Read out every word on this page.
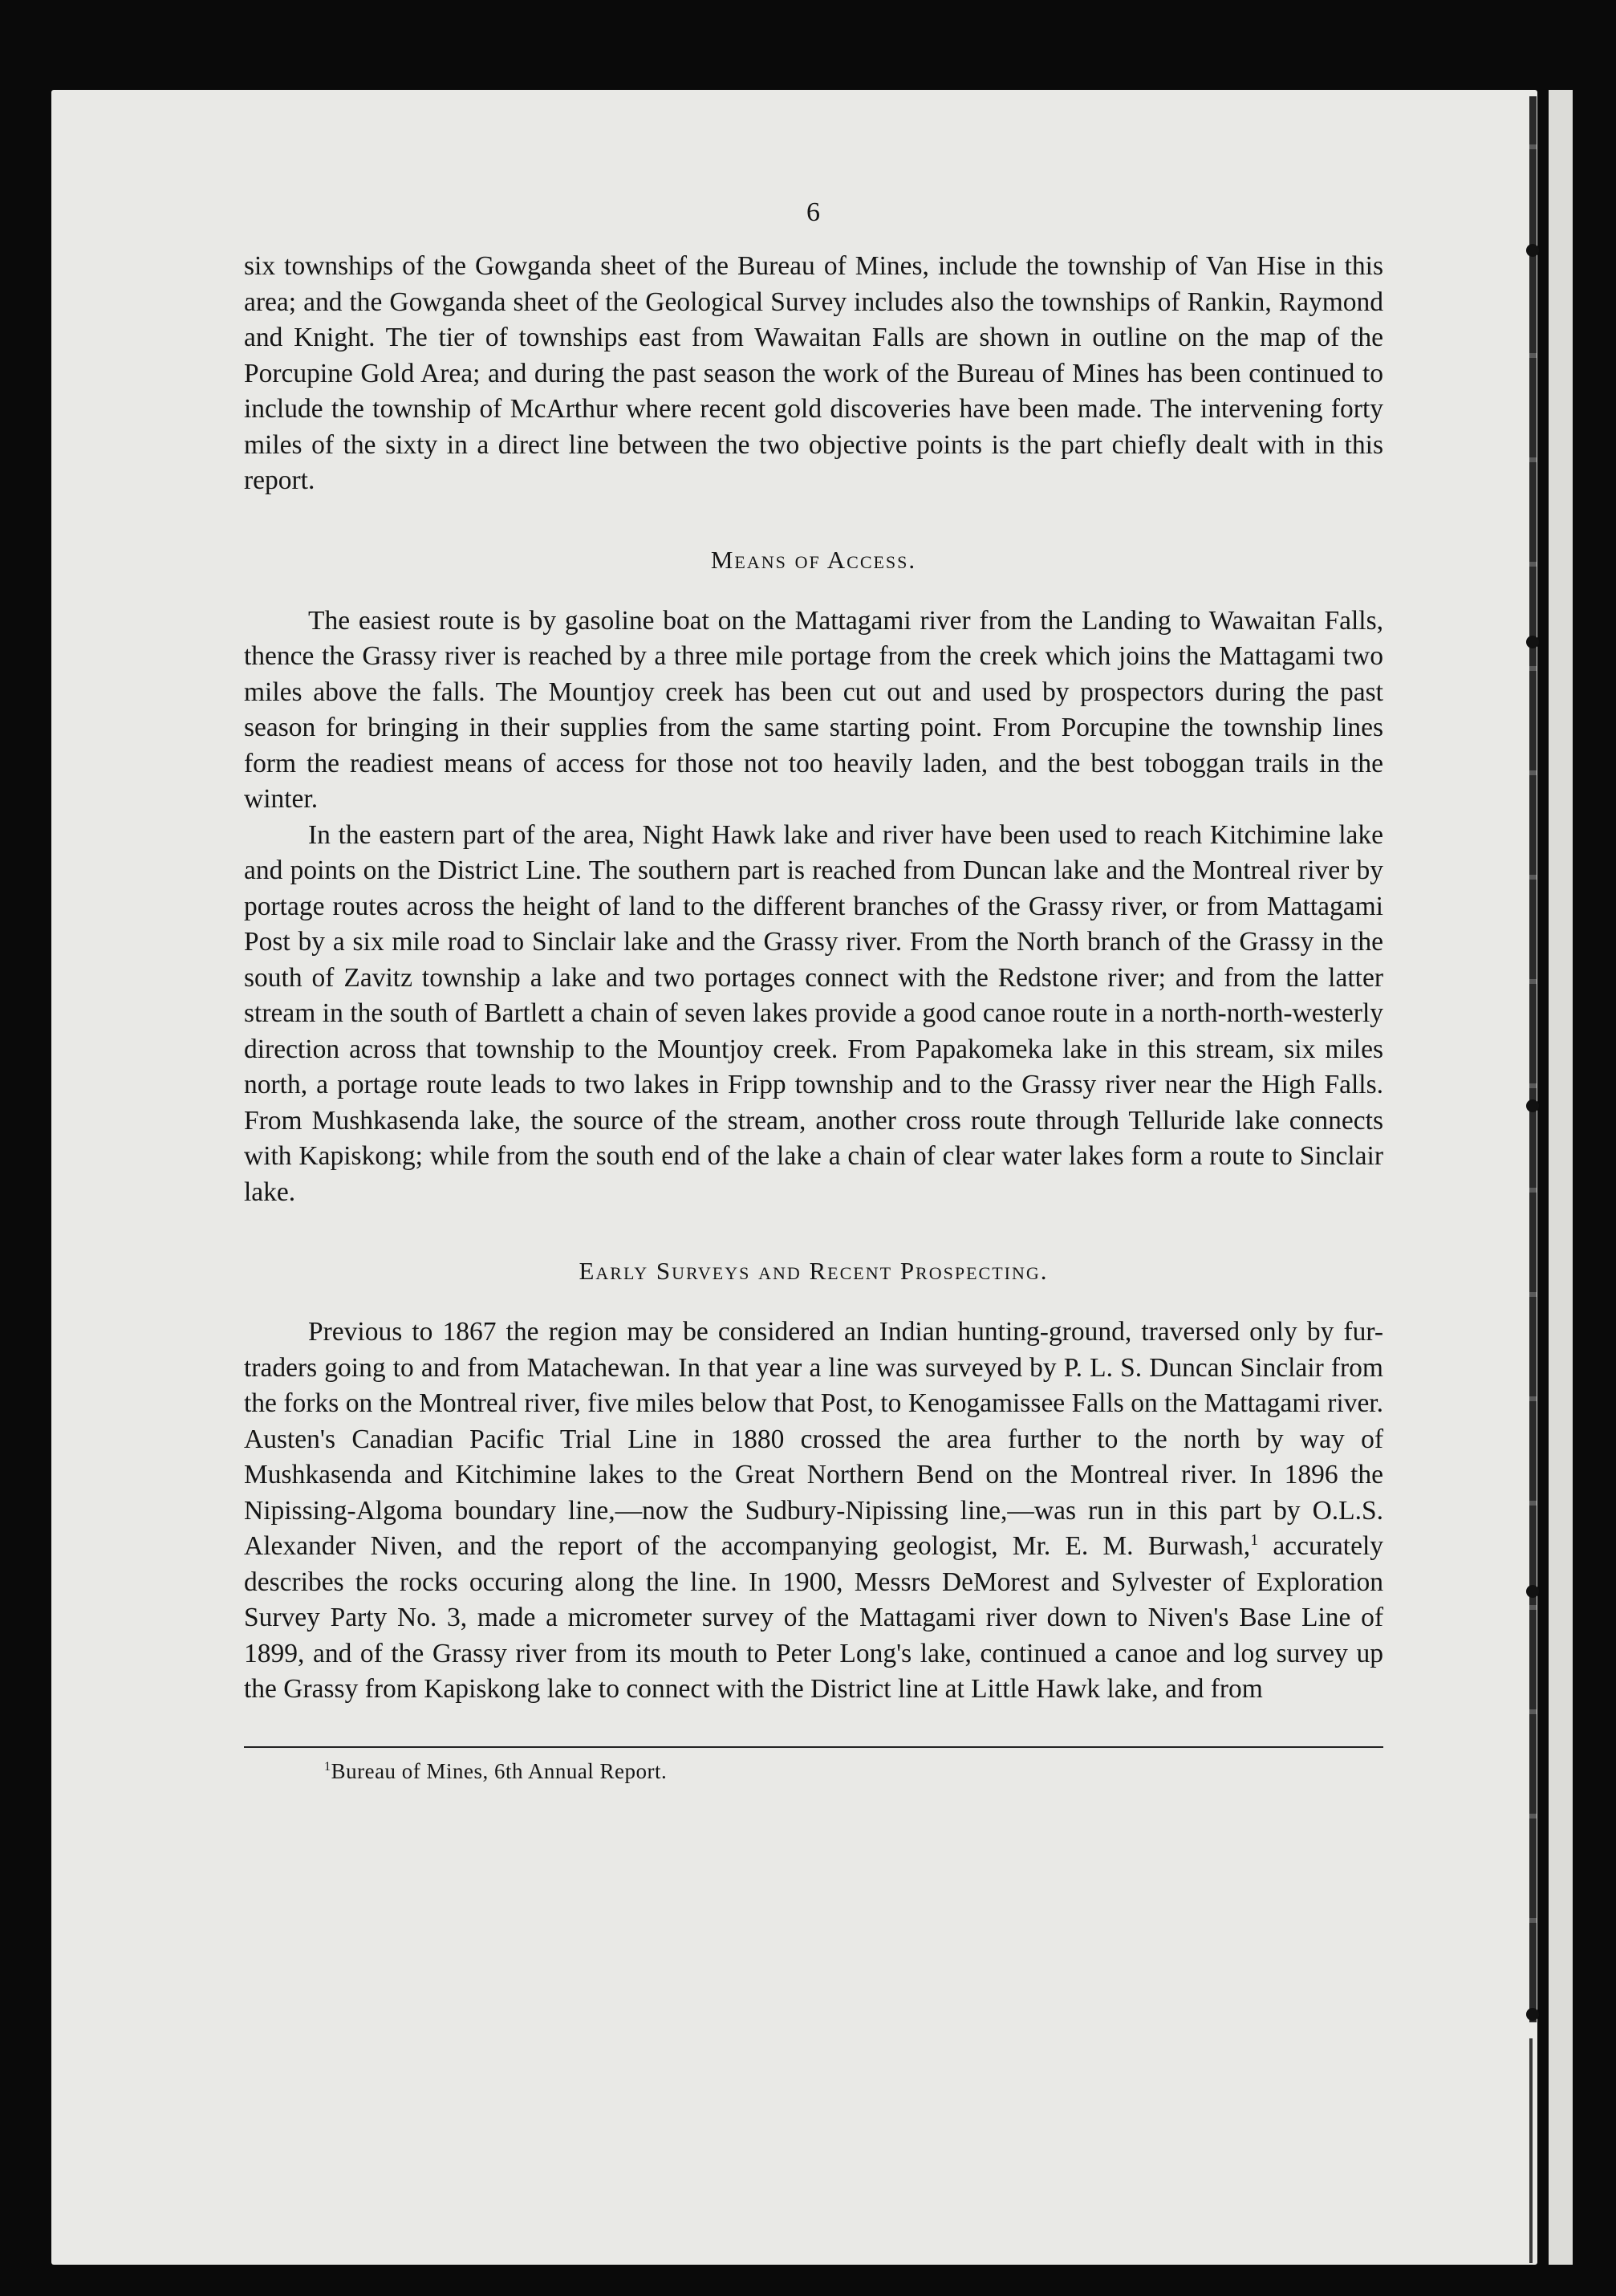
6

six townships of the Gowganda sheet of the Bureau of Mines, include the township of Van Hise in this area; and the Gowganda sheet of the Geological Survey includes also the townships of Rankin, Raymond and Knight. The tier of townships east from Wawaitan Falls are shown in outline on the map of the Porcupine Gold Area; and during the past season the work of the Bureau of Mines has been continued to include the township of McArthur where recent gold discoveries have been made. The intervening forty miles of the sixty in a direct line between the two objective points is the part chiefly dealt with in this report.

Means of Access.

The easiest route is by gasoline boat on the Mattagami river from the Landing to Wawaitan Falls, thence the Grassy river is reached by a three mile portage from the creek which joins the Mattagami two miles above the falls. The Mountjoy creek has been cut out and used by prospectors during the past season for bringing in their supplies from the same starting point. From Porcupine the township lines form the readiest means of access for those not too heavily laden, and the best toboggan trails in the winter.

In the eastern part of the area, Night Hawk lake and river have been used to reach Kitchimine lake and points on the District Line. The southern part is reached from Duncan lake and the Montreal river by portage routes across the height of land to the different branches of the Grassy river, or from Mattagami Post by a six mile road to Sinclair lake and the Grassy river. From the North branch of the Grassy in the south of Zavitz township a lake and two portages connect with the Redstone river; and from the latter stream in the south of Bartlett a chain of seven lakes provide a good canoe route in a north-north-westerly direction across that township to the Mountjoy creek. From Papakomeka lake in this stream, six miles north, a portage route leads to two lakes in Fripp township and to the Grassy river near the High Falls. From Mushkasenda lake, the source of the stream, another cross route through Telluride lake connects with Kapiskong; while from the south end of the lake a chain of clear water lakes form a route to Sinclair lake.

Early Surveys and Recent Prospecting.

Previous to 1867 the region may be considered an Indian hunting-ground, traversed only by fur-traders going to and from Matachewan. In that year a line was surveyed by P. L. S. Duncan Sinclair from the forks on the Montreal river, five miles below that Post, to Kenogamissee Falls on the Mattagami river. Austen's Canadian Pacific Trial Line in 1880 crossed the area further to the north by way of Mushkasenda and Kitchimine lakes to the Great Northern Bend on the Montreal river. In 1896 the Nipissing-Algoma boundary line,—now the Sudbury-Nipissing line,—was run in this part by O.L.S. Alexander Niven, and the report of the accompanying geologist, Mr. E. M. Burwash,$^1$ accurately describes the rocks occuring along the line. In 1900, Messrs DeMorest and Sylvester of Exploration Survey Party No. 3, made a micrometer survey of the Mattagami river down to Niven's Base Line of 1899, and of the Grassy river from its mouth to Peter Long's lake, continued a canoe and log survey up the Grassy from Kapiskong lake to connect with the District line at Little Hawk lake, and from

$^1$Bureau of Mines, 6th Annual Report.
